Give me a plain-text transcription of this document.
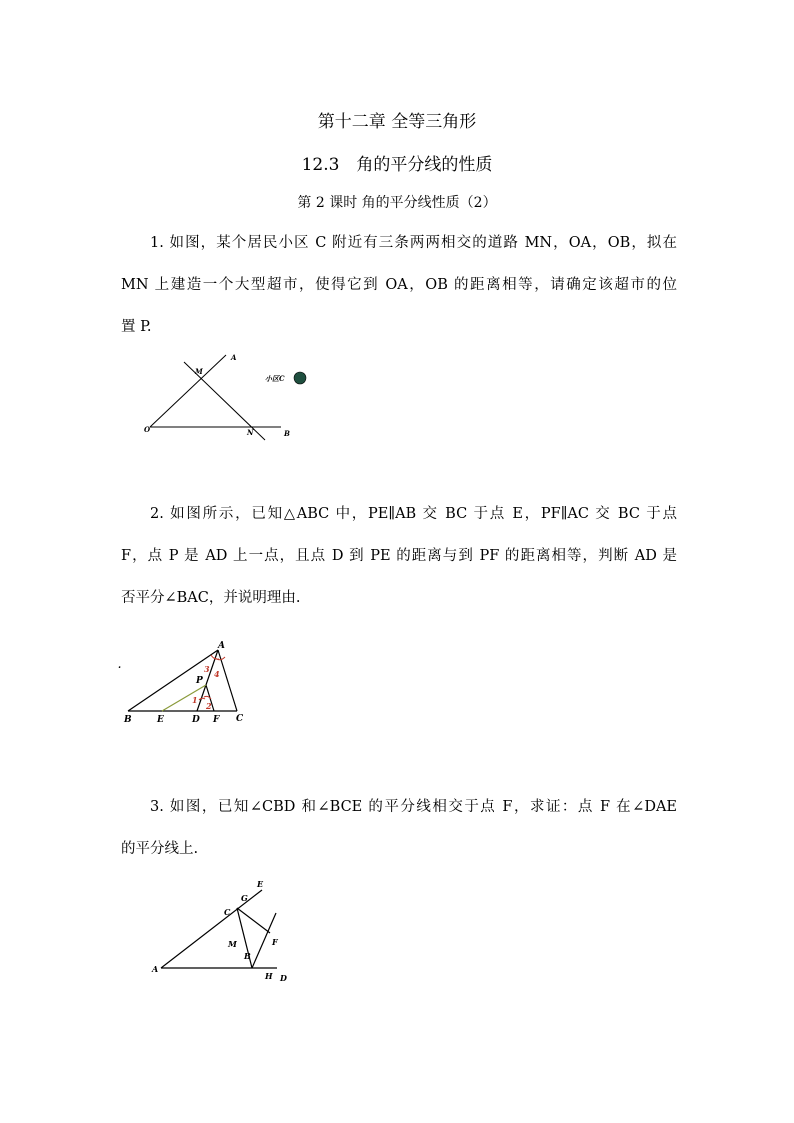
第十二章 全等三角形
12.3　角的平分线的性质
第 2 课时 角的平分线性质（2）
1. 如图，某个居民小区 C 附近有三条两两相交的道路 MN，OA，OB，拟在
MN 上建造一个大型超市，使得它到 OA，OB 的距离相等，请确定该超市的位
置 P.
A
M
O	N	B
小区C
2. 如图所示，已知△ABC 中，PE∥AB 交 BC 于点 E，PF∥AC 交 BC 于点
F，点 P 是 AD 上一点，且点 D 到 PE 的距离与到 PF 的距离相等，判断 AD 是
否平分∠BAC，并说明理由.
A
B	E	D F C
P
.	3 4
1
2
3. 如图，已知∠CBD 和∠BCE 的平分线相交于点 F，求证：点 F 在∠DAE
的平分线上.
E
G
C
M	F
B
A
H D
